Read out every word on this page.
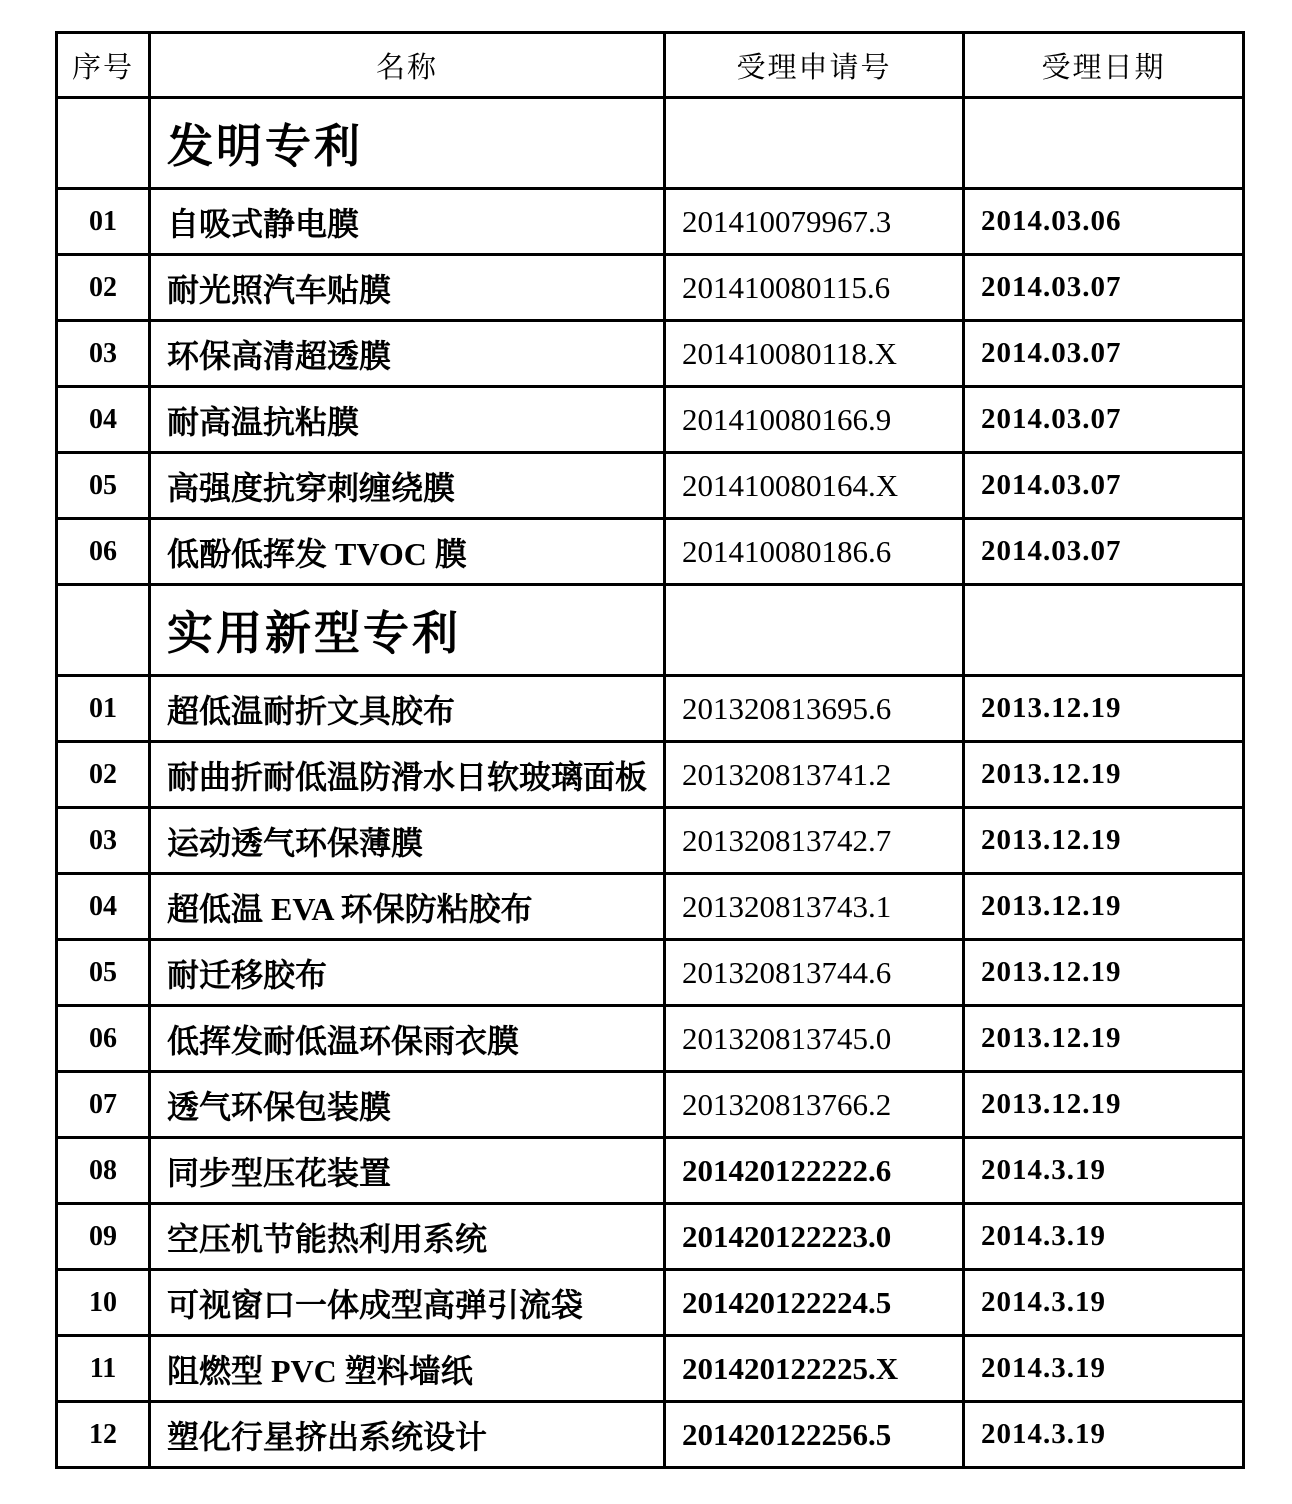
序号	名称	受理申请号	受理日期
	发明专利		
01	自吸式静电膜	201410079967.3	2014.03.06
02	耐光照汽车贴膜	201410080115.6	2014.03.07
03	环保高清超透膜	201410080118.X	2014.03.07
04	耐高温抗粘膜	201410080166.9	2014.03.07
05	高强度抗穿刺缠绕膜	201410080164.X	2014.03.07
06	低酚低挥发 TVOC 膜	201410080186.6	2014.03.07
	实用新型专利		
01	超低温耐折文具胶布	201320813695.6	2013.12.19
02	耐曲折耐低温防滑水日软玻璃面板	201320813741.2	2013.12.19
03	运动透气环保薄膜	201320813742.7	2013.12.19
04	超低温 EVA 环保防粘胶布	201320813743.1	2013.12.19
05	耐迁移胶布	201320813744.6	2013.12.19
06	低挥发耐低温环保雨衣膜	201320813745.0	2013.12.19
07	透气环保包装膜	201320813766.2	2013.12.19
08	同步型压花装置	201420122222.6	2014.3.19
09	空压机节能热利用系统	201420122223.0	2014.3.19
10	可视窗口一体成型高弹引流袋	201420122224.5	2014.3.19
11	阻燃型 PVC 塑料墙纸	201420122225.X	2014.3.19
12	塑化行星挤出系统设计	201420122256.5	2014.3.19
